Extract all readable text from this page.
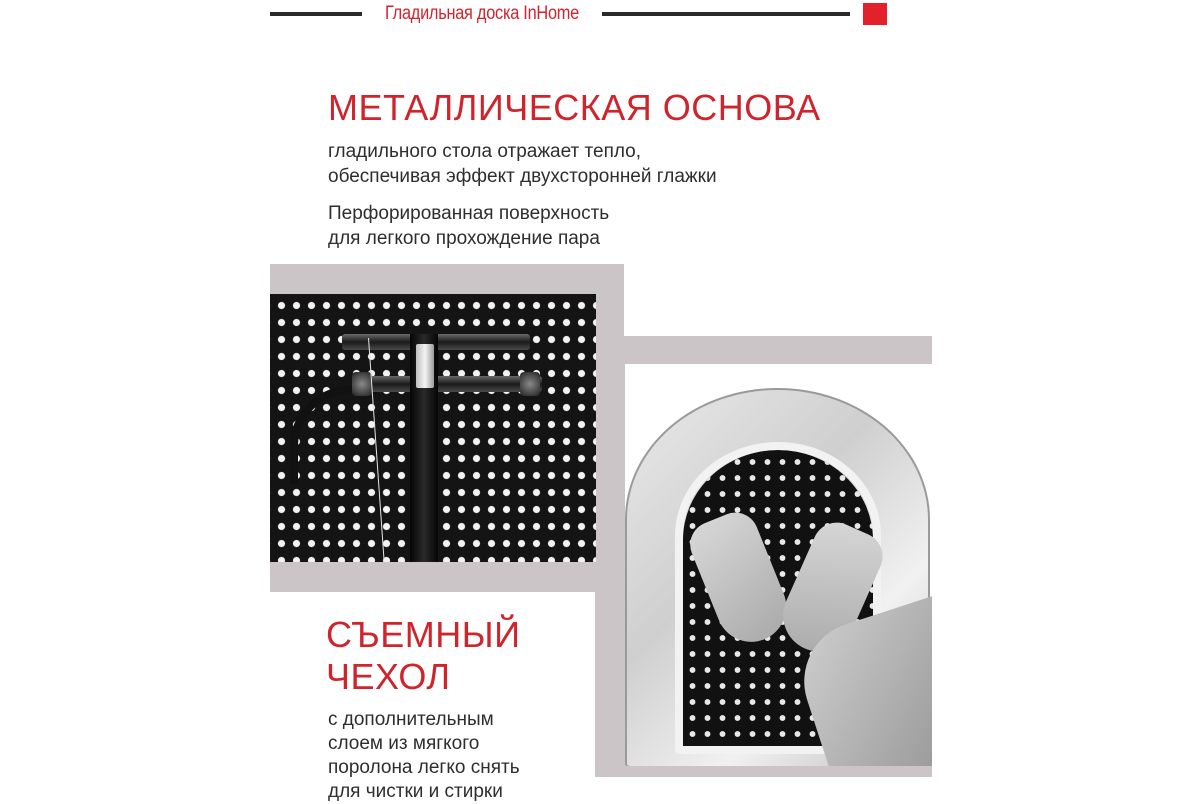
Гладильная доска InHome
МЕТАЛЛИЧЕСКАЯ ОСНОВА
гладильного стола отражает тепло,
обеспечивая эффект двухсторонней глажки
Перфорированная поверхность
для легкого прохождение пара
СЪЕМНЫЙ
ЧЕХОЛ
с дополнительным
слоем из мягкого
поролона легко снять
для чистки и стирки
